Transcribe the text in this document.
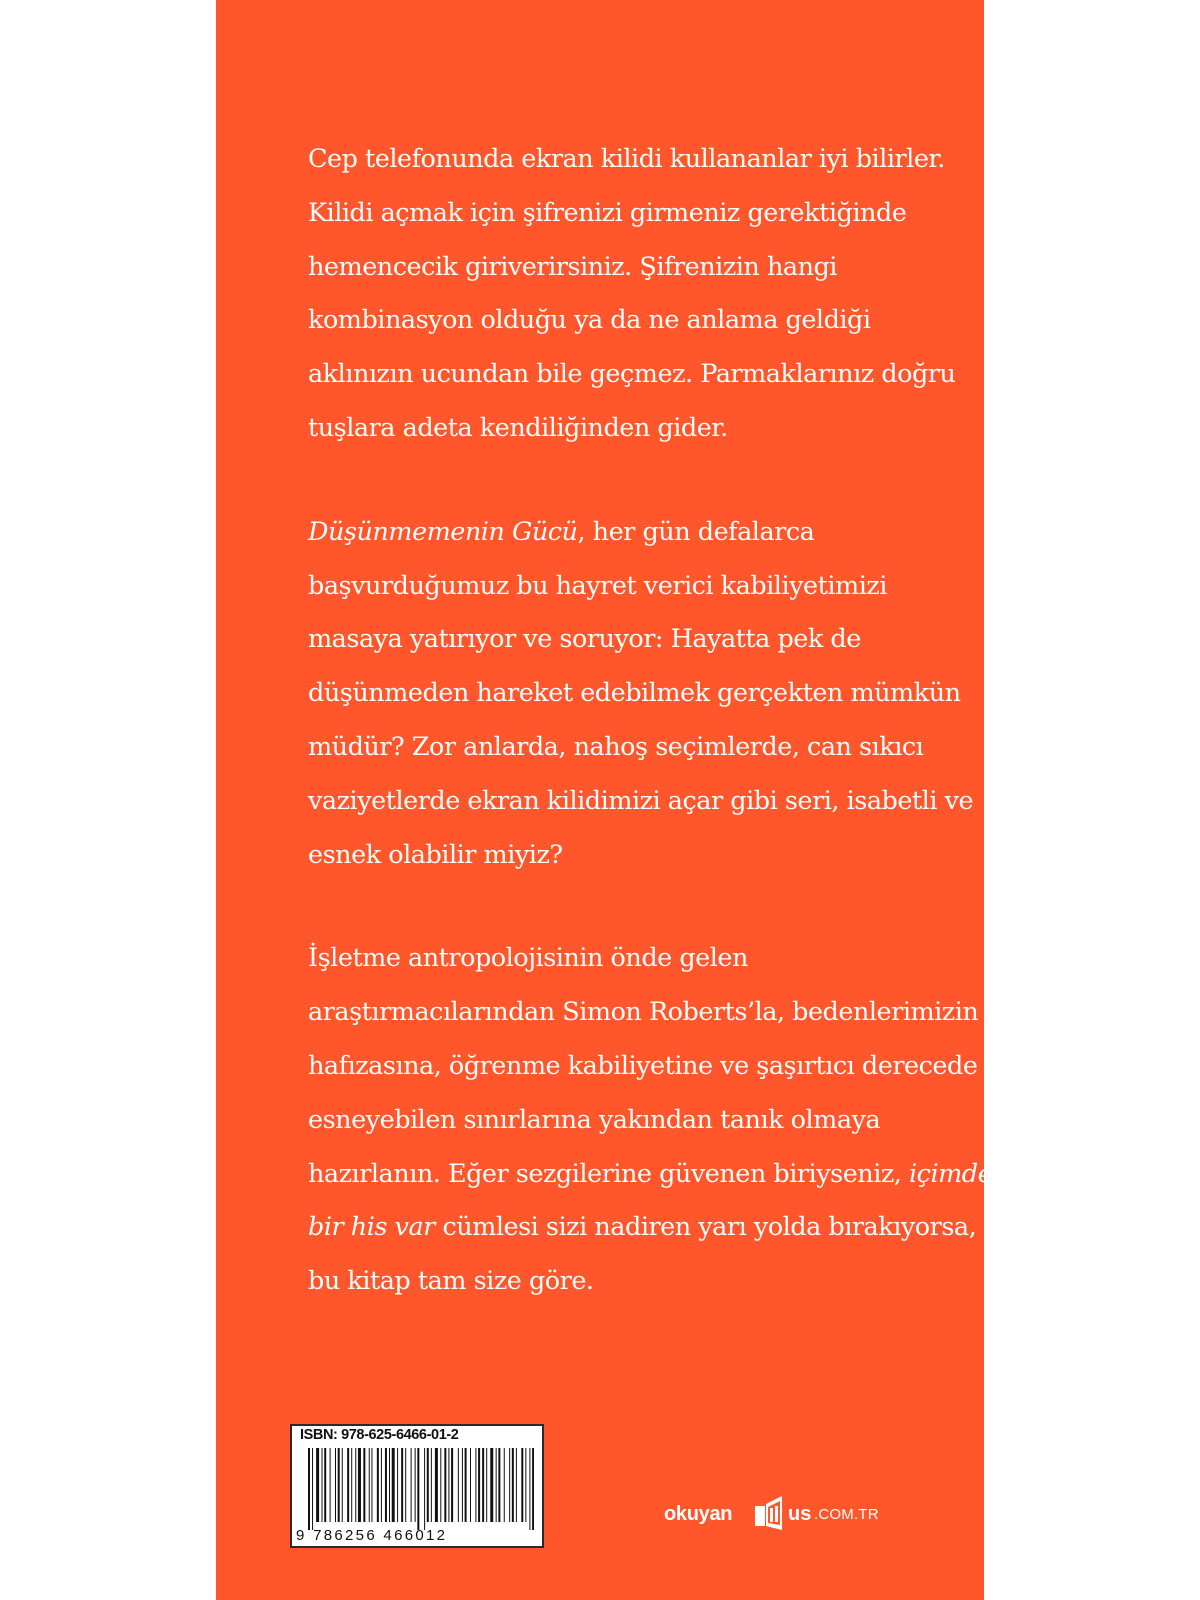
Cep telefonunda ekran kilidi kullananlar iyi bilirler.
Kilidi açmak için şifrenizi girmeniz gerektiğinde
hemencecik giriverirsiniz. Şifrenizin hangi
kombinasyon olduğu ya da ne anlama geldiği
aklınızın ucundan bile geçmez. Parmaklarınız doğru
tuşlara adeta kendiliğinden gider.

Düşünmemenin Gücü, her gün defalarca
başvurduğumuz bu hayret verici kabiliyetimizi
masaya yatırıyor ve soruyor: Hayatta pek de
düşünmeden hareket edebilmek gerçekten mümkün
müdür? Zor anlarda, nahoş seçimlerde, can sıkıcı
vaziyetlerde ekran kilidimizi açar gibi seri, isabetli ve
esnek olabilir miyiz?

İşletme antropolojisinin önde gelen
araştırmacılarından Simon Roberts’la, bedenlerimizin
hafızasına, öğrenme kabiliyetine ve şaşırtıcı derecede
esneyebilen sınırlarına yakından tanık olmaya
hazırlanın. Eğer sezgilerine güvenen biriyseniz, içimde
bir his var cümlesi sizi nadiren yarı yolda bırakıyorsa,
bu kitap tam size göre.

ISBN: 978-625-6466-01-2
9 786256 466012
okuyan	us .COM.TR
